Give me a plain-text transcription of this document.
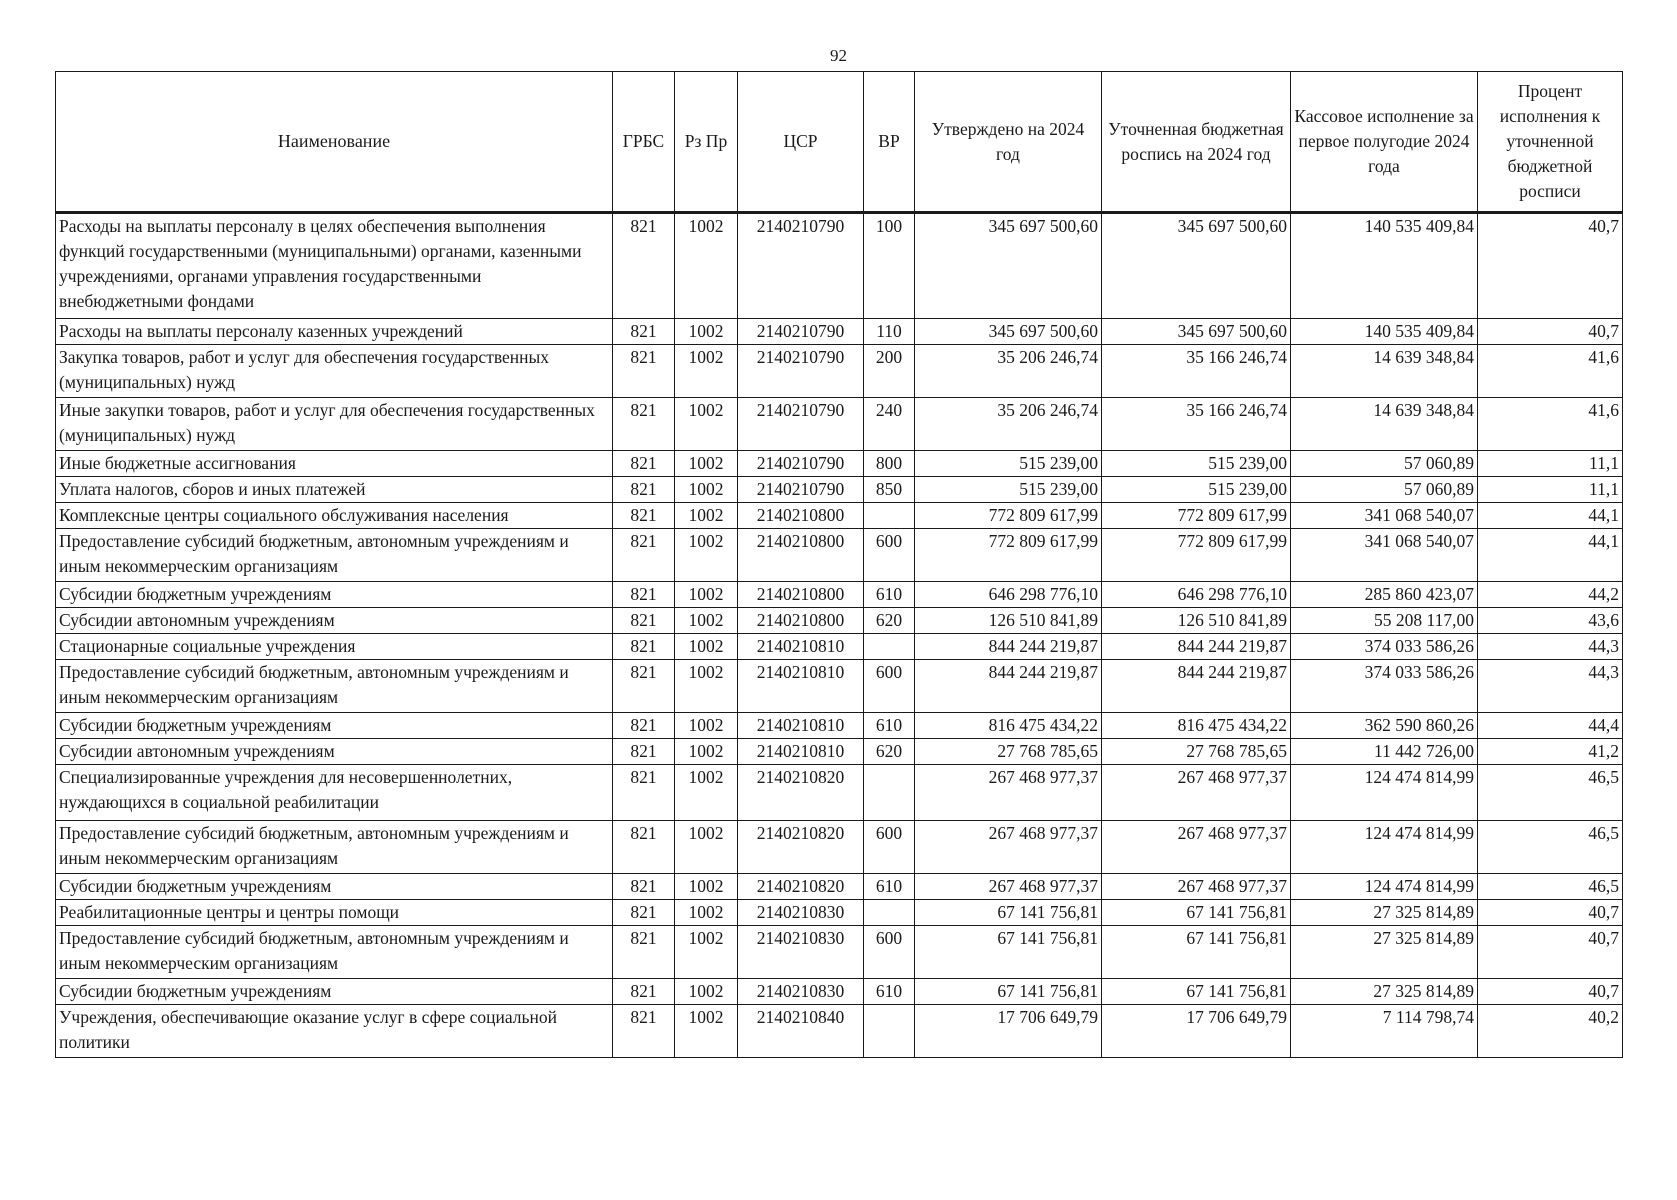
92
Наименование	ГРБС	Рз Пр	ЦСР	ВР	Утверждено на 2024 год	Уточненная бюджетная роспись на 2024 год	Кассовое исполнение за первое полугодие 2024 года	Процент исполнения к уточненной бюджетной росписи
Расходы на выплаты персоналу в целях обеспечения выполнения функций государственными (муниципальными) органами, казенными учреждениями, органами управления государственными внебюджетными фондами	821	1002	2140210790	100	345 697 500,60	345 697 500,60	140 535 409,84	40,7
Расходы на выплаты персоналу казенных учреждений	821	1002	2140210790	110	345 697 500,60	345 697 500,60	140 535 409,84	40,7
Закупка товаров, работ и услуг для обеспечения государственных (муниципальных) нужд	821	1002	2140210790	200	35 206 246,74	35 166 246,74	14 639 348,84	41,6
Иные закупки товаров, работ и услуг для обеспечения государственных (муниципальных) нужд	821	1002	2140210790	240	35 206 246,74	35 166 246,74	14 639 348,84	41,6
Иные бюджетные ассигнования	821	1002	2140210790	800	515 239,00	515 239,00	57 060,89	11,1
Уплата налогов, сборов и иных платежей	821	1002	2140210790	850	515 239,00	515 239,00	57 060,89	11,1
Комплексные центры социального обслуживания населения	821	1002	2140210800		772 809 617,99	772 809 617,99	341 068 540,07	44,1
Предоставление субсидий бюджетным, автономным учреждениям и иным некоммерческим организациям	821	1002	2140210800	600	772 809 617,99	772 809 617,99	341 068 540,07	44,1
Субсидии бюджетным учреждениям	821	1002	2140210800	610	646 298 776,10	646 298 776,10	285 860 423,07	44,2
Субсидии автономным учреждениям	821	1002	2140210800	620	126 510 841,89	126 510 841,89	55 208 117,00	43,6
Стационарные социальные учреждения	821	1002	2140210810		844 244 219,87	844 244 219,87	374 033 586,26	44,3
Предоставление субсидий бюджетным, автономным учреждениям и иным некоммерческим организациям	821	1002	2140210810	600	844 244 219,87	844 244 219,87	374 033 586,26	44,3
Субсидии бюджетным учреждениям	821	1002	2140210810	610	816 475 434,22	816 475 434,22	362 590 860,26	44,4
Субсидии автономным учреждениям	821	1002	2140210810	620	27 768 785,65	27 768 785,65	11 442 726,00	41,2
Специализированные учреждения для несовершеннолетних, нуждающихся в социальной реабилитации	821	1002	2140210820		267 468 977,37	267 468 977,37	124 474 814,99	46,5
Предоставление субсидий бюджетным, автономным учреждениям и иным некоммерческим организациям	821	1002	2140210820	600	267 468 977,37	267 468 977,37	124 474 814,99	46,5
Субсидии бюджетным учреждениям	821	1002	2140210820	610	267 468 977,37	267 468 977,37	124 474 814,99	46,5
Реабилитационные центры и центры помощи	821	1002	2140210830		67 141 756,81	67 141 756,81	27 325 814,89	40,7
Предоставление субсидий бюджетным, автономным учреждениям и иным некоммерческим организациям	821	1002	2140210830	600	67 141 756,81	67 141 756,81	27 325 814,89	40,7
Субсидии бюджетным учреждениям	821	1002	2140210830	610	67 141 756,81	67 141 756,81	27 325 814,89	40,7
Учреждения, обеспечивающие оказание услуг в сфере социальной политики	821	1002	2140210840		17 706 649,79	17 706 649,79	7 114 798,74	40,2
